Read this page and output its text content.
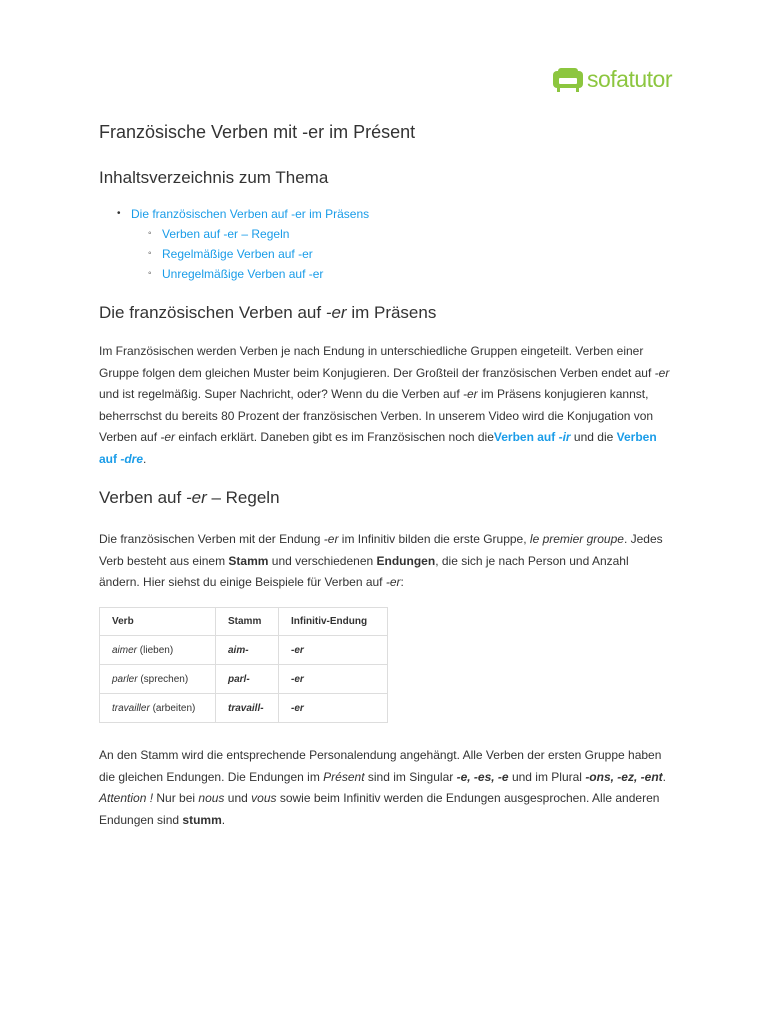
sofatutor
Französische Verben mit -er im Présent
Inhaltsverzeichnis zum Thema
• Die französischen Verben auf -er im Präsens
◦ Verben auf -er – Regeln
◦ Regelmäßige Verben auf -er
◦ Unregelmäßige Verben auf -er
Die französischen Verben auf -er im Präsens

Im Französischen werden Verben je nach Endung in unterschiedliche Gruppen eingeteilt. Verben einer Gruppe folgen dem gleichen Muster beim Konjugieren. Der Großteil der französischen Verben endet auf -er und ist regelmäßig. Super Nachricht, oder? Wenn du die Verben auf -er im Präsens konjugieren kannst, beherrschst du bereits 80 Prozent der französischen Verben. In unserem Video wird die Konjugation von Verben auf -er einfach erklärt. Daneben gibt es im Französischen noch dieVerben auf -ir und die Verben auf -dre.

Verben auf -er – Regeln

Die französischen Verben mit der Endung -er im Infinitiv bilden die erste Gruppe, le premier groupe. Jedes Verb besteht aus einem Stamm und verschiedenen Endungen, die sich je nach Person und Anzahl ändern. Hier siehst du einige Beispiele für Verben auf -er:

Verb	Stamm	Infinitiv-Endung
aimer (lieben)	aim-	-er
parler (sprechen)	parl-	-er
travailler (arbeiten)	travaill-	-er

An den Stamm wird die entsprechende Personalendung angehängt. Alle Verben der ersten Gruppe haben die gleichen Endungen. Die Endungen im Présent sind im Singular -e, -es, -e und im Plural -ons, -ez, -ent. Attention ! Nur bei nous und vous sowie beim Infinitiv werden die Endungen ausgesprochen. Alle anderen Endungen sind stumm.
